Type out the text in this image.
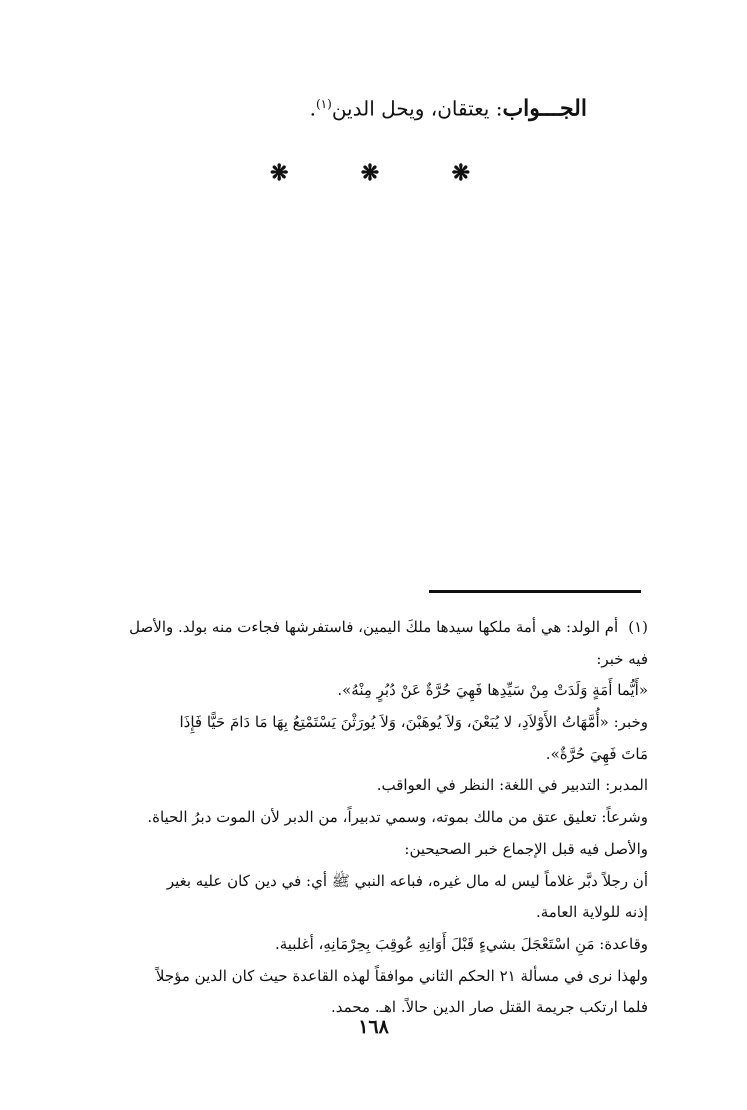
الجـــواب: يعتقان، ويحل الدين$^{(١)}$.
❋	❋	❋
(١)أم الولد: هي أمة ملكها سيدها ملكَ اليمين، فاستفرشها فجاءت منه بولد. والأصل
فيه خبر:
«أَيُّما أَمَةٍ وَلَدَتْ مِنْ سَيِّدِها فَهِيَ حُرَّةٌ عَنْ دُبُرٍ مِنْهُ».
وخبر: «أُمَّهَاتُ الأَوْلاَدِ، لا يُبَعْنَ، وَلاَ يُوهَبْنَ، وَلاَ يُورَثْنَ يَسْتَمْتِعُ بِهَا مَا دَامَ حَيًّا فَإِذَا
مَاتَ فَهِيَ حُرَّةٌ».
المدبر: التدبير في اللغة: النظر في العواقب.
وشرعاً: تعليق عتق من مالك بموته، وسمي تدبيراً، من الدبر لأن الموت دبرُ الحياة.
والأصل فيه قبل الإجماع خبر الصحيحين:
أن رجلاً دبَّر غلاماً ليس له مال غيره، فباعه النبي ﷺ أي: في دين كان عليه بغير
إذنه للولاية العامة.
وقاعدة: مَنِ اسْتَعْجَلَ بشيءٍ قَبْلَ أَوَانِهِ عُوقِبَ بِحِرْمَانِهِ، أغلبية.
ولهذا نرى في مسألة ٢١ الحكم الثاني موافقاً لهذه القاعدة حيث كان الدين مؤجلاً
فلما ارتكب جريمة القتل صار الدين حالاً. اهـ. محمد.
١٦٨
